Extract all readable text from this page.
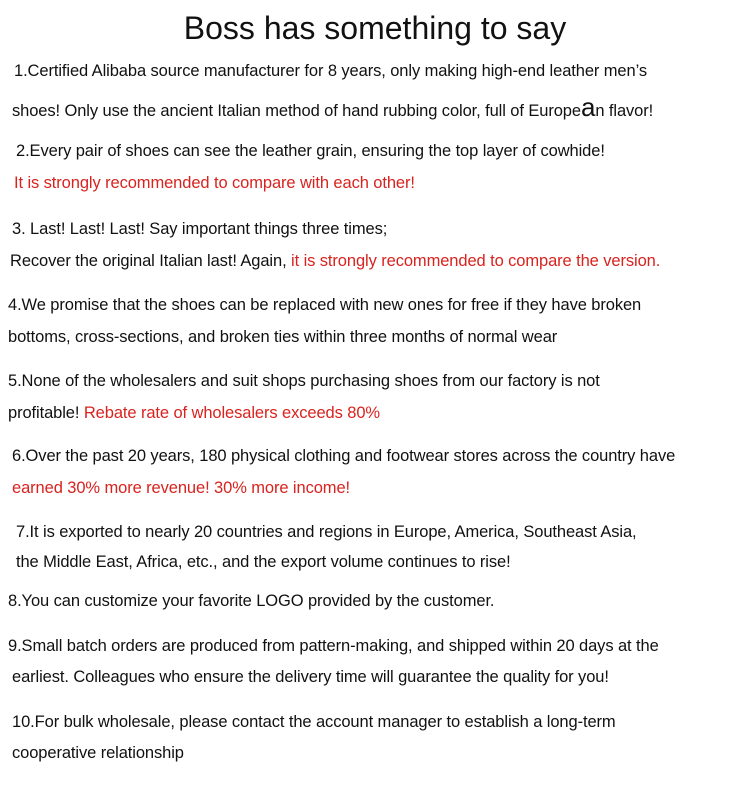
Boss has something to say
1.Certified Alibaba source manufacturer for 8 years, only making high-end leather men’s
shoes! Only use the ancient Italian method of hand rubbing color, full of European flavor!
2.Every pair of shoes can see the leather grain, ensuring the top layer of cowhide!
It is strongly recommended to compare with each other!
3. Last! Last! Last! Say important things three times;
Recover the original Italian last! Again, it is strongly recommended to compare the version.
4.We promise that the shoes can be replaced with new ones for free if they have broken
bottoms, cross-sections, and broken ties within three months of normal wear
5.None of the wholesalers and suit shops purchasing shoes from our factory is not
profitable! Rebate rate of wholesalers exceeds 80%
6.Over the past 20 years, 180 physical clothing and footwear stores across the country have
earned 30% more revenue! 30% more income!
7.It is exported to nearly 20 countries and regions in Europe, America, Southeast Asia,
the Middle East, Africa, etc., and the export volume continues to rise!
8.You can customize your favorite LOGO provided by the customer.
9.Small batch orders are produced from pattern-making, and shipped within 20 days at the
earliest. Colleagues who ensure the delivery time will guarantee the quality for you!
10.For bulk wholesale, please contact the account manager to establish a long-term
cooperative relationship
